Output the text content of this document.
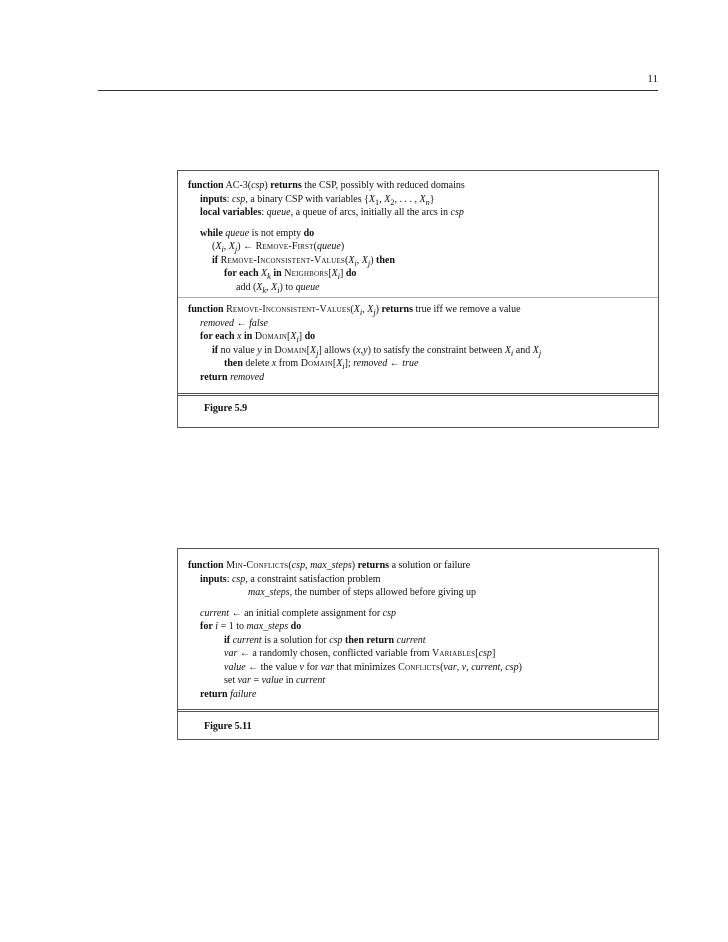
11
function AC-3(csp) returns the CSP, possibly with reduced domains
inputs: csp, a binary CSP with variables {$X_1$, $X_2$, . . . , $X_n$}
local variables: queue, a queue of arcs, initially all the arcs in csp
while queue is not empty do
($X_i$, $X_j$) ← Remove-First(queue)
if Remove-$Inconsistent-Values(X_i$, $X_j$) then
for each $X_k$ in $Neighbors[X_i]$ do
add ($X_k$, $X_i$) to queue
function Remove-$Inconsistent-Values(X_i$, $X_j$) returns true iff we remove a value
removed ← false
for each x in $Domain[X_i]$ do
if no value y in $Domain[X_j]$ allows (x,y) to satisfy the constraint between $X_i$ and $X_j$
then delete x from $Domain[X_i]$; removed ← true
return removed
Figure 5.9
function Min-Conflicts(csp, max_steps) returns a solution or failure
inputs: csp, a constraint satisfaction problem
max_steps, the number of steps allowed before giving up
current ← an initial complete assignment for csp
for i = 1 to max_steps do
if current is a solution for csp then return current
var ← a randomly chosen, conflicted variable from Variables[csp]
value ← the value v for var that minimizes Conflicts(var, v, current, csp)
set var = value in current
return failure
Figure 5.11
